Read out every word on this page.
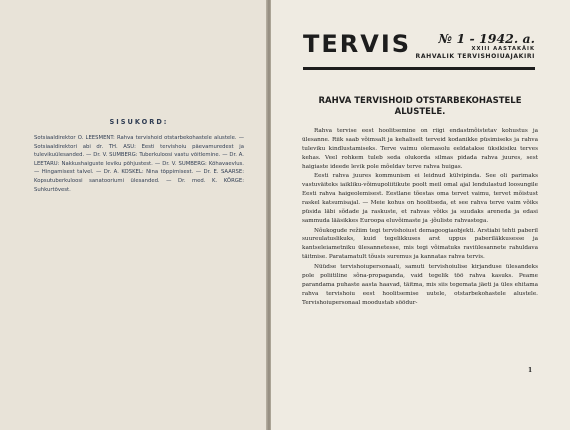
SISUKORD:
Sotsiaaldirektor O. LEESMENT: Rahva tervishoid otstarbekohastele alustele. — Sotsiaaldirektori abi dr. TH. ASU: Eesti tervishoiu päevamuredest ja tulevikuülesanded. — Dr. V. SUMBERG: Tuberkuloosi vastu võitlemine. — Dr. A. LEETARU: Nakkushaiguste leviku põhjustest. — Dr. V. SUMBERG: Köhavaevlus. — Hingamisest talvel. — Dr. A. KOSKEL: Nina tõppimisest. — Dr. E. SAARSE: Kopsutuberkuloosi sanatooriumi ülesanded. — Dr. med. K. KÖRGE: Suhkurtõvest.
TERVIS № 1 - 1942. a.
XXIII AASTAKÄIK
RAHVALIK TERVISHOIUAJAKIRI
RAHVA TERVISHOID OTSTARBEKOHASTELE ALUSTELE.

Rahva tervise eest hoolitsemine on riigi endastmõistetav kohustus ja ülesanne. Riik saab võimsalt ja kehaliselt terveid kodanikke püsimiseks ja rahva tuleviku kindlustamiseks. Terve vaimu olemasolu eeldatakse üksikisiku terves kehas. Veel rohkem tuleb seda olukorda silmas pidada rahva juures, sest haigiaste ideede levik pole mõeldav terve rahva huigas.

Eesti rahva juures kommunism ei leidnud külvipinda. See oli parimaks vastuväiteks iaikliku-võimupoliitikute poolt meil omal ajal lendulastud loosungile Eesti rahva haigeolemisest. Eestlane tõestas oma tervet vaimu, tervet mõistust raskel katsumisajal. — Meie kohus on hoolitseda, et see rahva terve vaim võiks püsida läbi sõdade ja raskuste, et rahvas võiks ja suudaks areneda ja edasi sammuda lääsikkes Euroopa eluvõimaste ja -jõuliste rahvastega.

Nõukogude režiim tegi tervishoiust demagoogiaobjekti. Arstiabi tehti paberil suureulatuslikuks, kuid tegelikkuses arst uppus paberiläkkusesse ja kantseleiametniku ülesannetesse, mis tegi võimatuks raviülesannete rahuldava täitmise. Paratamatult tõusis suremus ja kannatas rahva tervis.

Nüüdse tervishoiupersonaali, samuti tervishoiulise kirjanduse ülesandeks pole poliitiline sõna-propaganda, vaid tegelik töö rahva kasuks. Peame parandama puhaste aasta haavad, täitma, mis siis tegemata jäeti ja üles ehitama rahva tervishoiu eest hoolitsemise uutele, otstarbekohastele alustele. Tervishoiupersonaal moodustab söödur-

1
